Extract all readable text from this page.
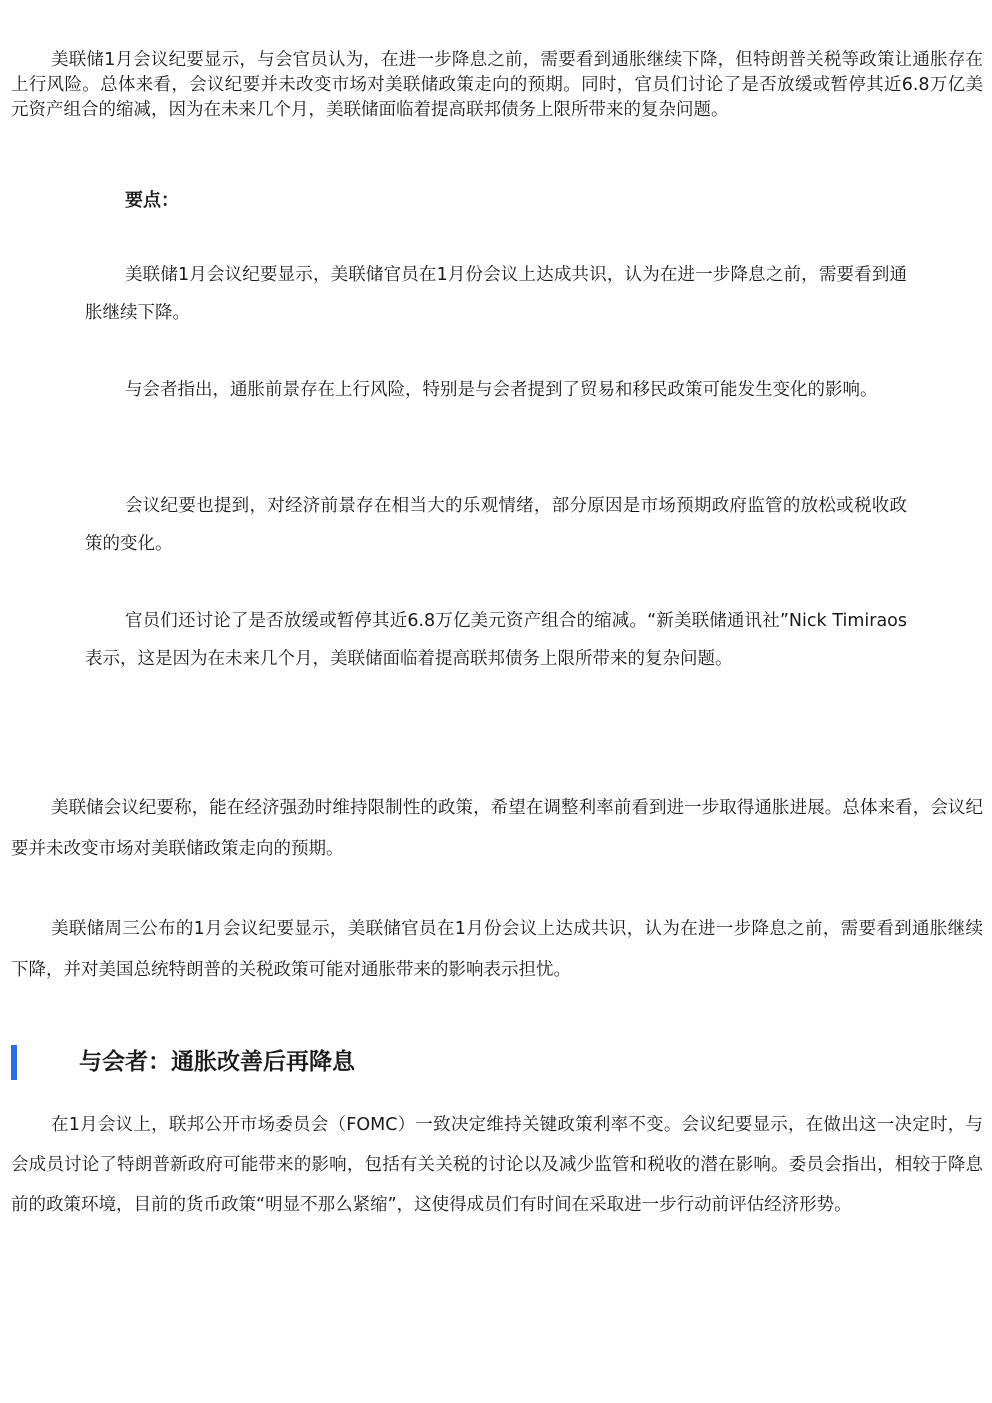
美联储1月会议纪要显示，与会官员认为，在进一步降息之前，需要看到通胀继续下降，但特朗普关税等政策让通胀存在上行风险。总体来看，会议纪要并未改变市场对美联储政策走向的预期。同时，官员们讨论了是否放缓或暂停其近6.8万亿美元资产组合的缩减，因为在未来几个月，美联储面临着提高联邦债务上限所带来的复杂问题。

要点：

美联储1月会议纪要显示，美联储官员在1月份会议上达成共识，认为在进一步降息之前，需要看到通胀继续下降。

与会者指出，通胀前景存在上行风险，特别是与会者提到了贸易和移民政策可能发生变化的影响。

会议纪要也提到，对经济前景存在相当大的乐观情绪，部分原因是市场预期政府监管的放松或税收政策的变化。

官员们还讨论了是否放缓或暂停其近6.8万亿美元资产组合的缩减。“新美联储通讯社”Nick Timiraos表示，这是因为在未来几个月，美联储面临着提高联邦债务上限所带来的复杂问题。

美联储会议纪要称，能在经济强劲时维持限制性的政策，希望在调整利率前看到进一步取得通胀进展。总体来看，会议纪要并未改变市场对美联储政策走向的预期。

美联储周三公布的1月会议纪要显示，美联储官员在1月份会议上达成共识，认为在进一步降息之前，需要看到通胀继续下降，并对美国总统特朗普的关税政策可能对通胀带来的影响表示担忧。

与会者：通胀改善后再降息

在1月会议上，联邦公开市场委员会（FOMC）一致决定维持关键政策利率不变。会议纪要显示，在做出这一决定时，与会成员讨论了特朗普新政府可能带来的影响，包括有关关税的讨论以及减少监管和税收的潜在影响。委员会指出，相较于降息前的政策环境，目前的货币政策“明显不那么紧缩”，这使得成员们有时间在采取进一步行动前评估经济形势。
